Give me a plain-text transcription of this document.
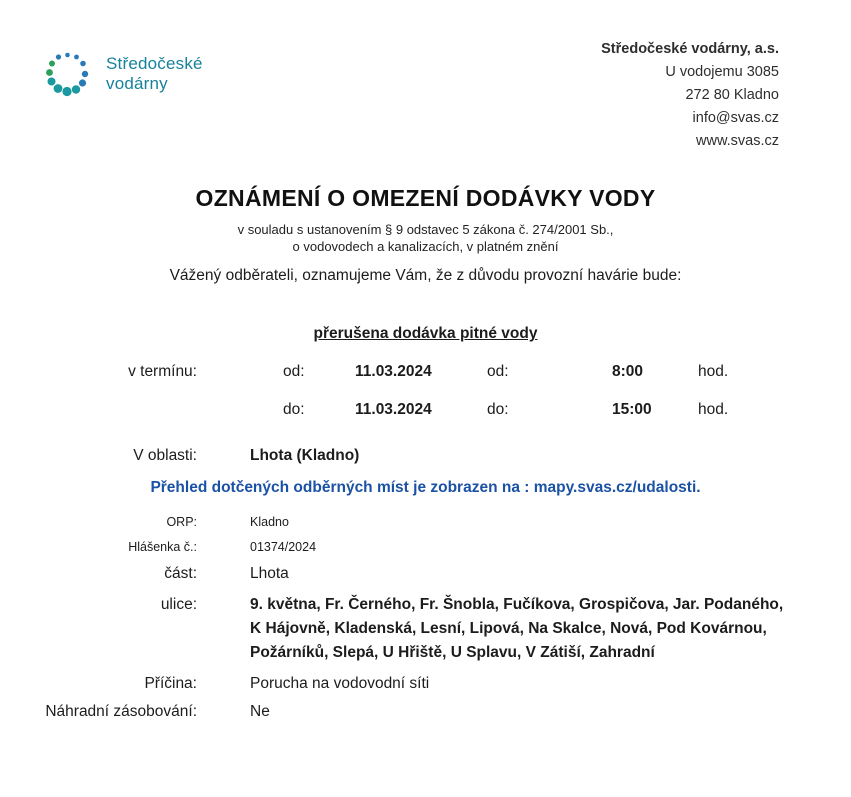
Středočeské
vodárny
Středočeské vodárny, a.s.
U vodojemu 3085
272 80 Kladno
info@svas.cz
www.svas.cz
OZNÁMENÍ O OMEZENÍ DODÁVKY VODY
v souladu s ustanovením § 9 odstavec 5 zákona č. 274/2001 Sb.,
o vodovodech a kanalizacích, v platném znění
Vážený odběrateli, oznamujeme Vám, že z důvodu provozní havárie bude:
přerušena dodávka pitné vody
v termínu:	od:	11.03.2024	od:	8:00	hod.
do:	11.03.2024	do:	15:00	hod.
V oblasti:	Lhota (Kladno)
Přehled dotčených odběrných míst je zobrazen na : mapy.svas.cz/udalosti.
ORP:	Kladno
Hlášenka č.:	01374/2024
část:	Lhota
ulice:	9. května, Fr. Černého, Fr. Šnobla, Fučíkova, Grospičova, Jar. Podaného, K Hájovně, Kladenská, Lesní, Lipová, Na Skalce, Nová, Pod Kovárnou, Požárníků, Slepá, U Hřiště, U Splavu, V Zátiší, Zahradní
Příčina:	Porucha na vodovodní síti
Náhradní zásobování:	Ne
